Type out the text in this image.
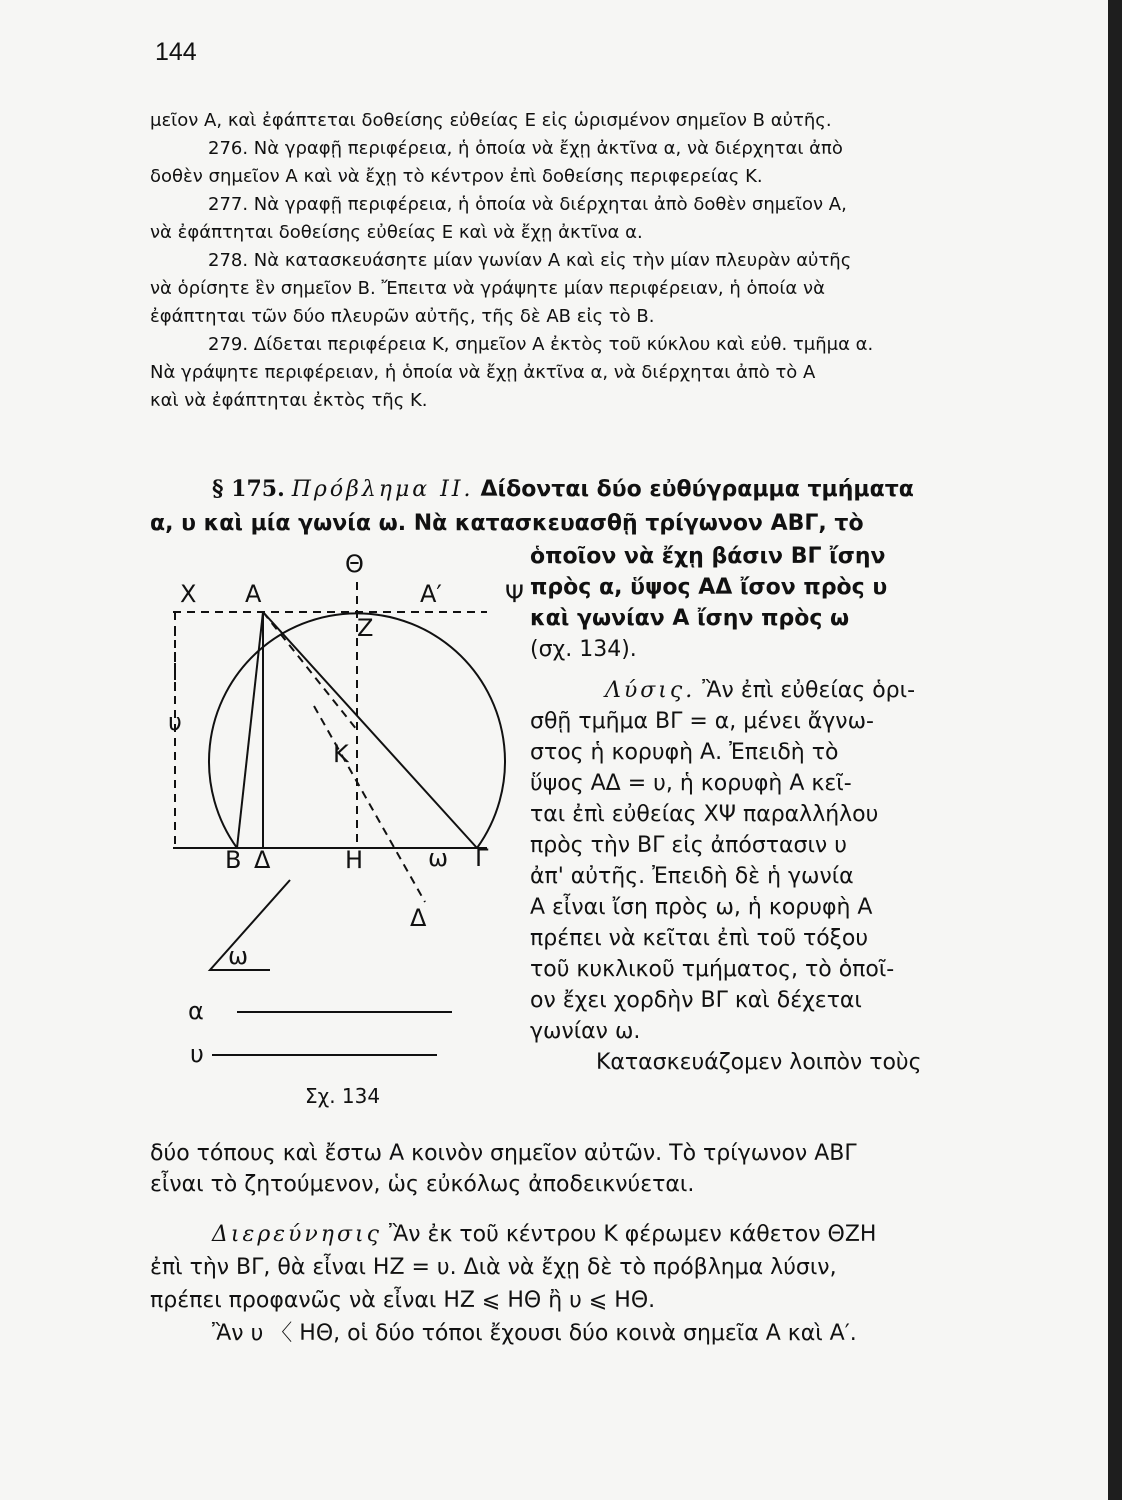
144

μεῖον Α, καὶ ἐφάπτεται δοθείσης εὐθείας Ε εἰς ὡρισμένον σημεῖον Β αὐτῆς.

276. Νὰ γραφῇ περιφέρεια, ἡ ὁποία νὰ ἔχῃ ἀκτῖνα α, νὰ διέρχηται ἀπὸ

δοθὲν σημεῖον Α καὶ νὰ ἔχῃ τὸ κέντρον ἐπὶ δοθείσης περιφερείας Κ.

277. Νὰ γραφῇ περιφέρεια, ἡ ὁποία νὰ διέρχηται ἀπὸ δοθὲν σημεῖον Α,

νὰ ἐφάπτηται δοθείσης εὐθείας Ε καὶ νὰ ἔχῃ ἀκτῖνα α.

278. Νὰ κατασκευάσητε μίαν γωνίαν Α καὶ εἰς τὴν μίαν πλευρὰν αὐτῆς

νὰ ὁρίσητε ἓν σημεῖον Β. Ἔπειτα νὰ γράψητε μίαν περιφέρειαν, ἡ ὁποία νὰ

ἐφάπτηται τῶν δύο πλευρῶν αὐτῆς, τῆς δὲ ΑΒ εἰς τὸ Β.

279. Δίδεται περιφέρεια Κ, σημεῖον Α ἐκτὸς τοῦ κύκλου καὶ εὐθ. τμῆμα α.

Νὰ γράψητε περιφέρειαν, ἡ ὁποία νὰ ἔχῃ ἀκτῖνα α, νὰ διέρχηται ἀπὸ τὸ Α

καὶ νὰ ἐφάπτηται ἐκτὸς τῆς Κ.

§ 175. Πρόβλημα ΙΙ. Δίδονται δύο εὐθύγραμμα τμήματα
α, υ καὶ μία γωνία ω. Νὰ κατασκευασθῇ τρίγωνον ΑΒΓ, τὸ

ὁποῖον νὰ ἔχῃ βάσιν ΒΓ ἴσην

πρὸς α, ὕψος ΑΔ ἴσον πρὸς υ

καὶ γωνίαν Α ἴσην πρὸς ω

(σχ. 134).

Λύσις. Ἂν ἐπὶ εὐθείας ὁρι-

σθῇ τμῆμα ΒΓ = α, μένει ἄγνω-

στος ἡ κορυφὴ Α. Ἐπειδὴ τὸ

ὕψος ΑΔ = υ, ἡ κορυφὴ Α κεῖ-

ται ἐπὶ εὐθείας ΧΨ παραλλήλου

πρὸς τὴν ΒΓ εἰς ἀπόστασιν υ

ἀπ' αὐτῆς. Ἐπειδὴ δὲ ἡ γωνία

Α εἶναι ἴση πρὸς ω, ἡ κορυφὴ Α

πρέπει νὰ κεῖται ἐπὶ τοῦ τόξου

τοῦ κυκλικοῦ τμήματος, τὸ ὁποῖ-

ον ἔχει χορδὴν ΒΓ καὶ δέχεται

γωνίαν ω.

Κατασκευάζομεν λοιπὸν τοὺς

δύο τόπους καὶ ἔστω Α κοινὸν σημεῖον αὐτῶν. Τὸ τρίγωνον ΑΒΓ

εἶναι τὸ ζητούμενον, ὡς εὐκόλως ἀποδεικνύεται.

Διερεύνησις Ἂν ἐκ τοῦ κέντρου Κ φέρωμεν κάθετον ΘΖΗ

ἐπὶ τὴν ΒΓ, θὰ εἶναι ΗΖ = υ. Διὰ νὰ ἔχῃ δὲ τὸ πρόβλημα λύσιν,

πρέπει προφανῶς νὰ εἶναι ΗΖ ⩽ ΗΘ ἢ υ ⩽ ΗΘ.

Ἂν υ 〈 ΗΘ, οἱ δύο τόποι ἔχουσι δύο κοινὰ σημεῖα Α καὶ Α′.

Χ Α
Θ
Α′	Ψ
Ζ
Κ
υ
Β Δ	Η	ω Γ
Δ
ω
α
υ
Σχ. 134
